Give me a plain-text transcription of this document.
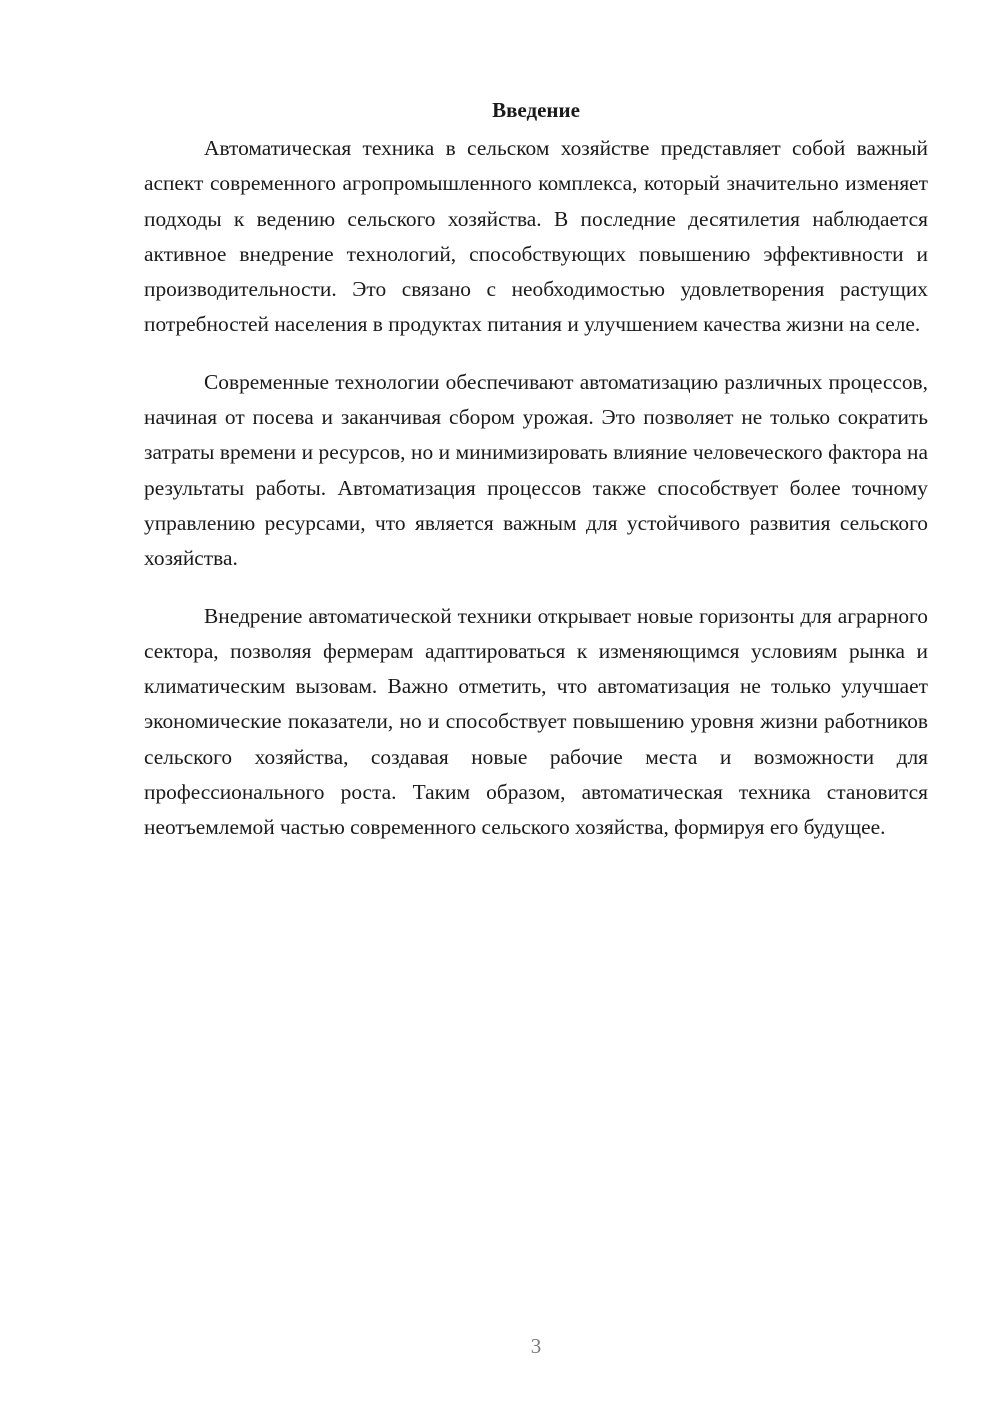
Введение

Автоматическая техника в сельском хозяйстве представляет собой важный аспект современного агропромышленного комплекса, который значительно изменяет подходы к ведению сельского хозяйства. В последние десятилетия наблюдается активное внедрение технологий, способствующих повышению эффективности и производительности. Это связано с необходимостью удовлетворения растущих потребностей населения в продуктах питания и улучшением качества жизни на селе.

Современные технологии обеспечивают автоматизацию различных процессов, начиная от посева и заканчивая сбором урожая. Это позволяет не только сократить затраты времени и ресурсов, но и минимизировать влияние человеческого фактора на результаты работы. Автоматизация процессов также способствует более точному управлению ресурсами, что является важным для устойчивого развития сельского хозяйства.

Внедрение автоматической техники открывает новые горизонты для аграрного сектора, позволяя фермерам адаптироваться к изменяющимся условиям рынка и климатическим вызовам. Важно отметить, что автоматизация не только улучшает экономические показатели, но и способствует повышению уровня жизни работников сельского хозяйства, создавая новые рабочие места и возможности для профессионального роста. Таким образом, автоматическая техника становится неотъемлемой частью современного сельского хозяйства, формируя его будущее.

3
